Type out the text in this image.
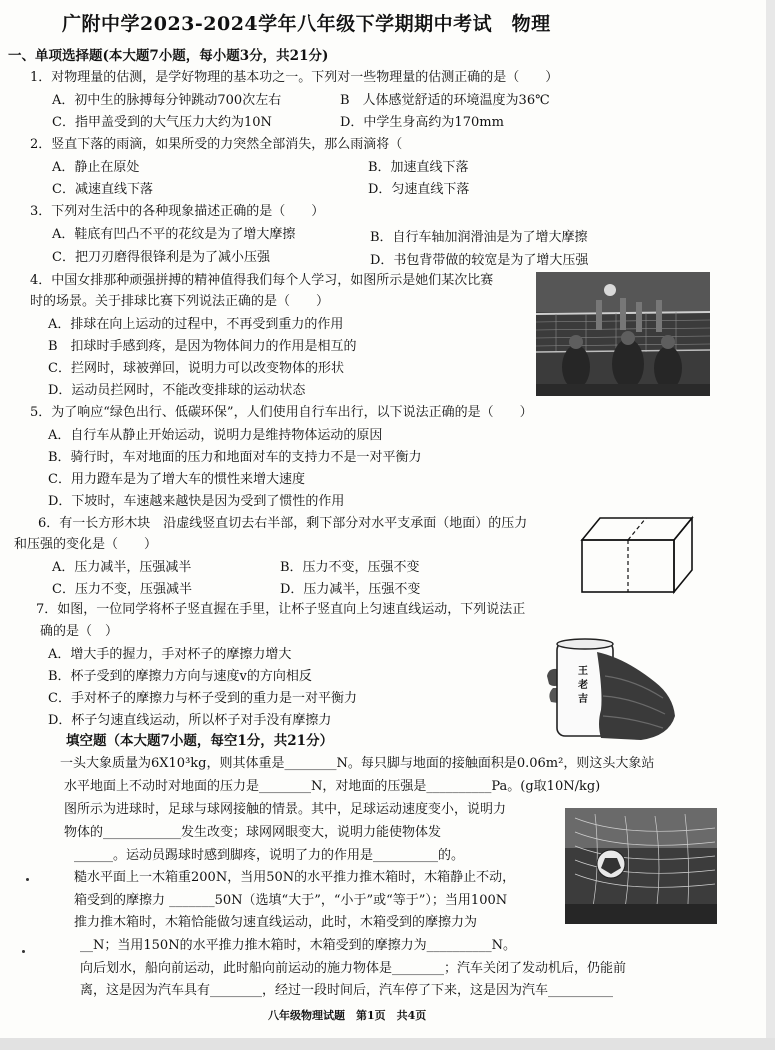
广附中学2023-2024学年八年级下学期期中考试　物理
一、单项选择题(本大题7小题，每小题3分，共21分)
1．对物理量的估测，是学好物理的基本功之一。下列对一些物理量的估测正确的是（　　）
A．初中生的脉搏每分钟跳动700次左右	B　人体感觉舒适的环境温度为36℃
C．指甲盖受到的大气压力大约为10N	D．中学生身高约为170mm
2．竖直下落的雨滴，如果所受的力突然全部消失，那么雨滴将（
A．静止在原处	B．加速直线下落
C．减速直线下落	D．匀速直线下落
3．下列对生活中的各种现象描述正确的是（　　）
A．鞋底有凹凸不平的花纹是为了增大摩擦	B．自行车轴加润滑油是为了增大摩擦
C．把刀刃磨得很锋利是为了减小压强	D．书包背带做的较宽是为了增大压强
4．中国女排那种顽强拼搏的精神值得我们每个人学习，如图所示是她们某次比赛
时的场景。关于排球比赛下列说法正确的是（　　）
A．排球在向上运动的过程中，不再受到重力的作用
B　扣球时手感到疼，是因为物体间力的作用是相互的
C．拦网时，球被弹回，说明力可以改变物体的形状
D．运动员拦网时，不能改变排球的运动状态
5．为了响应“绿色出行、低碳环保”，人们使用自行车出行，以下说法正确的是（　　）
A．自行车从静止开始运动，说明力是维持物体运动的原因
B．骑行时，车对地面的压力和地面对车的支持力不是一对平衡力
C．用力蹬车是为了增大车的惯性来增大速度
D．下坡时，车速越来越快是因为受到了惯性的作用
6．有一长方形木块　沿虚线竖直切去右半部，剩下部分对水平支承面（地面）的压力
和压强的变化是（　　）
A．压力减半，压强减半	B．压力不变，压强不变
C．压力不变，压强减半	D．压力减半，压强不变
7．如图，一位同学将杯子竖直握在手里，让杯子竖直向上匀速直线运动，下列说法正
确的是（　）
A．增大手的握力，手对杯子的摩擦力增大
B．杯子受到的摩擦力方向与速度v的方向相反
C．手对杯子的摩擦力与杯子受到的重力是一对平衡力
D．杯子匀速直线运动，所以杯子对手没有摩擦力
王
老
吉
填空题（本大题7小题，每空1分，共21分）
一头大象质量为6X10³kg，则其体重是________N。每只脚与地面的接触面积是0.06m²，则这头大象站
水平地面上不动时对地面的压力是________N，对地面的压强是__________Pa。(g取10N/kg)
图所示为进球时，足球与球网接触的情景。其中，足球运动速度变小，说明力
物体的____________发生改变；球网网眼变大，说明力能使物体发
______。运动员踢球时感到脚疼，说明了力的作用是__________的。
糙水平面上一木箱重200N，当用50N的水平推力推木箱时，木箱静止不动，
箱受到的摩擦力 _______50N（选填“大于”，“小于”或“等于”）；当用100N
推力推木箱时，木箱恰能做匀速直线运动，此时，木箱受到的摩擦力为
__N；当用150N的水平推力推木箱时，木箱受到的摩擦力为__________N。
向后划水，船向前运动，此时船向前运动的施力物体是________；汽车关闭了发动机后，仍能前
离，这是因为汽车具有________，经过一段时间后，汽车停了下来，这是因为汽车__________
八年级物理试题　第1页　共4页
